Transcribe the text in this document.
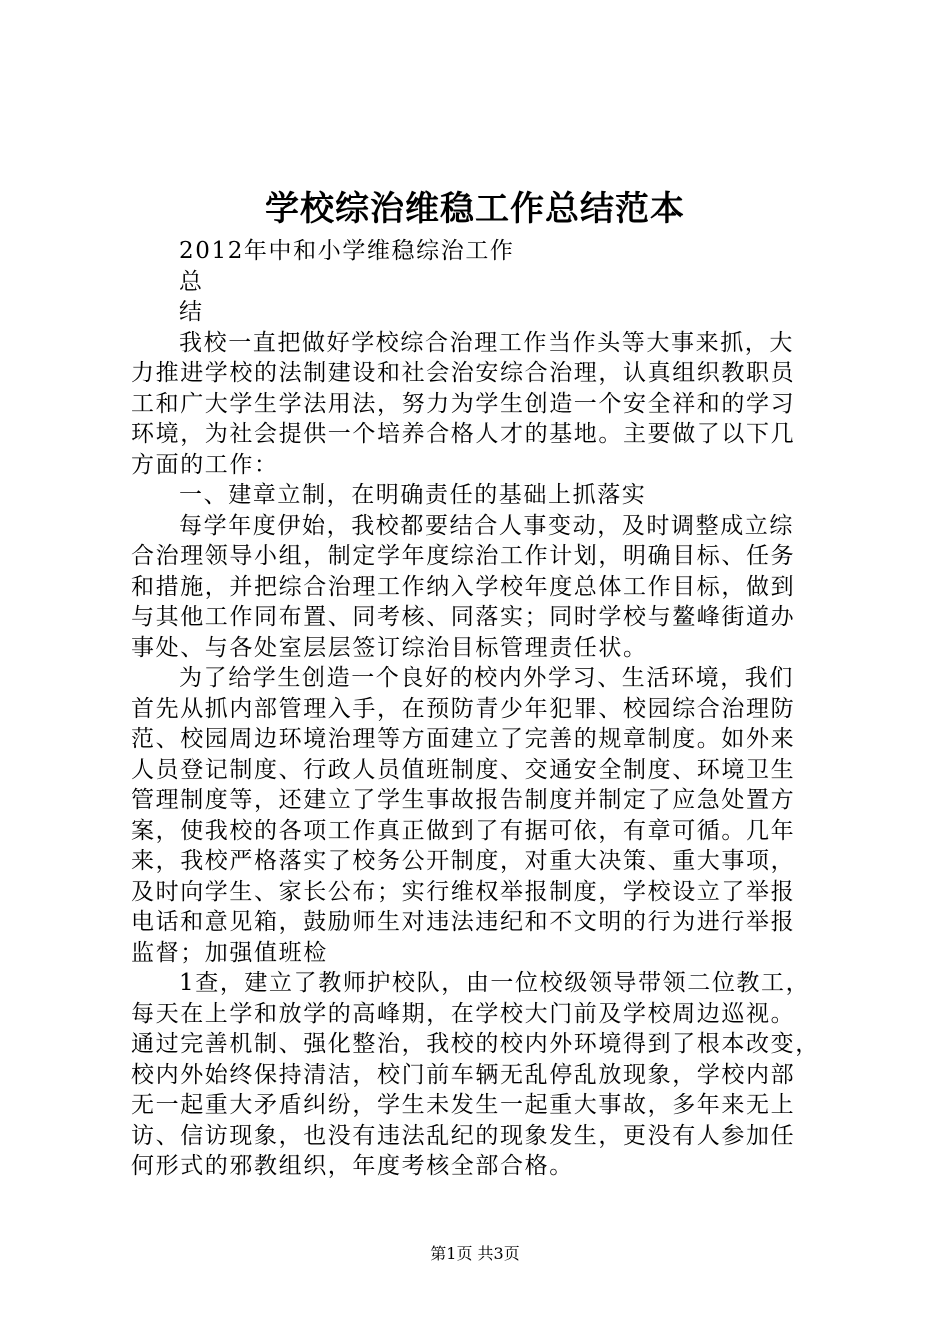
学校综治维稳工作总结范本
2012年中和小学维稳综治工作
总
结
我校一直把做好学校综合治理工作当作头等大事来抓，大
力推进学校的法制建设和社会治安综合治理，认真组织教职员
工和广大学生学法用法，努力为学生创造一个安全祥和的学习
环境，为社会提供一个培养合格人才的基地。主要做了以下几
方面的工作：
一、建章立制，在明确责任的基础上抓落实
每学年度伊始，我校都要结合人事变动，及时调整成立综
合治理领导小组，制定学年度综治工作计划，明确目标、任务
和措施，并把综合治理工作纳入学校年度总体工作目标，做到
与其他工作同布置、同考核、同落实；同时学校与鳌峰街道办
事处、与各处室层层签订综治目标管理责任状。
为了给学生创造一个良好的校内外学习、生活环境，我们
首先从抓内部管理入手，在预防青少年犯罪、校园综合治理防
范、校园周边环境治理等方面建立了完善的规章制度。如外来
人员登记制度、行政人员值班制度、交通安全制度、环境卫生
管理制度等，还建立了学生事故报告制度并制定了应急处置方
案，使我校的各项工作真正做到了有据可依，有章可循。几年
来，我校严格落实了校务公开制度，对重大决策、重大事项，
及时向学生、家长公布；实行维权举报制度，学校设立了举报
电话和意见箱，鼓励师生对违法违纪和不文明的行为进行举报
监督；加强值班检
1查，建立了教师护校队，由一位校级领导带领二位教工，
每天在上学和放学的高峰期，在学校大门前及学校周边巡视。
通过完善机制、强化整治，我校的校内外环境得到了根本改变，
校内外始终保持清洁，校门前车辆无乱停乱放现象，学校内部
无一起重大矛盾纠纷，学生未发生一起重大事故，多年来无上
访、信访现象，也没有违法乱纪的现象发生，更没有人参加任
何形式的邪教组织，年度考核全部合格。
第1页 共3页
